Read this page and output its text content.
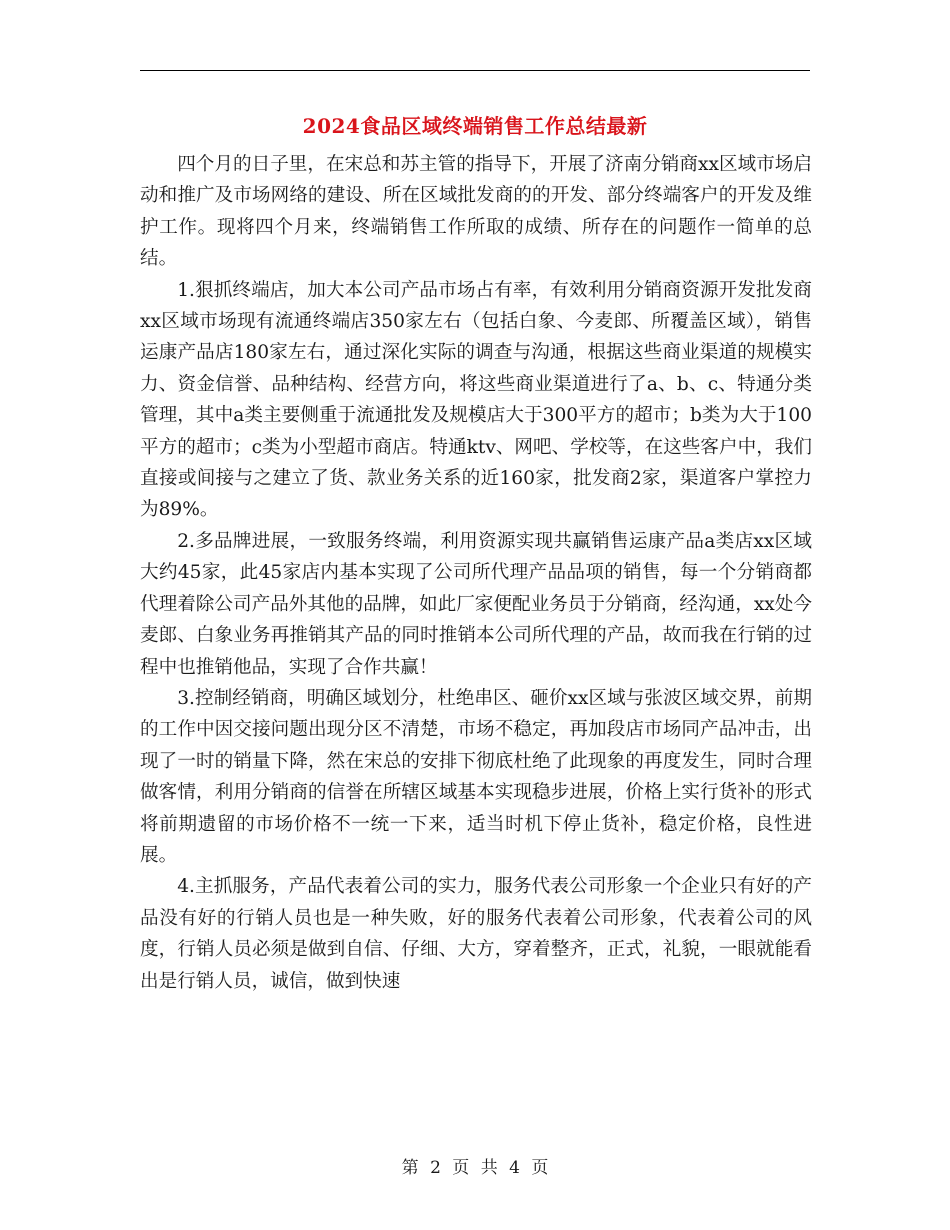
2024食品区域终端销售工作总结最新

四个月的日子里，在宋总和苏主管的指导下，开展了济南分销商xx区域市场启动和推广及市场网络的建设、所在区域批发商的的开发、部分终端客户的开发及维护工作。现将四个月来，终端销售工作所取的成绩、所存在的问题作一简单的总结。

1.狠抓终端店，加大本公司产品市场占有率，有效利用分销商资源开发批发商xx区域市场现有流通终端店350家左右（包括白象、今麦郎、所覆盖区域），销售运康产品店180家左右，通过深化实际的调查与沟通，根据这些商业渠道的规模实力、资金信誉、品种结构、经营方向，将这些商业渠道进行了a、b、c、特通分类管理，其中a类主要侧重于流通批发及规模店大于300平方的超市；b类为大于100平方的超市；c类为小型超市商店。特通ktv、网吧、学校等，在这些客户中，我们直接或间接与之建立了货、款业务关系的近160家，批发商2家，渠道客户掌控力为89%。

2.多品牌进展，一致服务终端，利用资源实现共赢销售运康产品a类店xx区域大约45家，此45家店内基本实现了公司所代理产品品项的销售，每一个分销商都代理着除公司产品外其他的品牌，如此厂家便配业务员于分销商，经沟通，xx处今麦郎、白象业务再推销其产品的同时推销本公司所代理的产品，故而我在行销的过程中也推销他品，实现了合作共赢！

3.控制经销商，明确区域划分，杜绝串区、砸价xx区域与张波区域交界，前期的工作中因交接问题出现分区不清楚，市场不稳定，再加段店市场同产品冲击，出现了一时的销量下降，然在宋总的安排下彻底杜绝了此现象的再度发生，同时合理做客情，利用分销商的信誉在所辖区域基本实现稳步进展，价格上实行货补的形式将前期遗留的市场价格不一统一下来，适当时机下停止货补，稳定价格，良性进展。

4.主抓服务，产品代表着公司的实力，服务代表公司形象一个企业只有好的产品没有好的行销人员也是一种失败，好的服务代表着公司形象，代表着公司的风度，行销人员必须是做到自信、仔细、大方，穿着整齐，正式，礼貌，一眼就能看出是行销人员，诚信，做到快速

第 2 页 共 4 页
